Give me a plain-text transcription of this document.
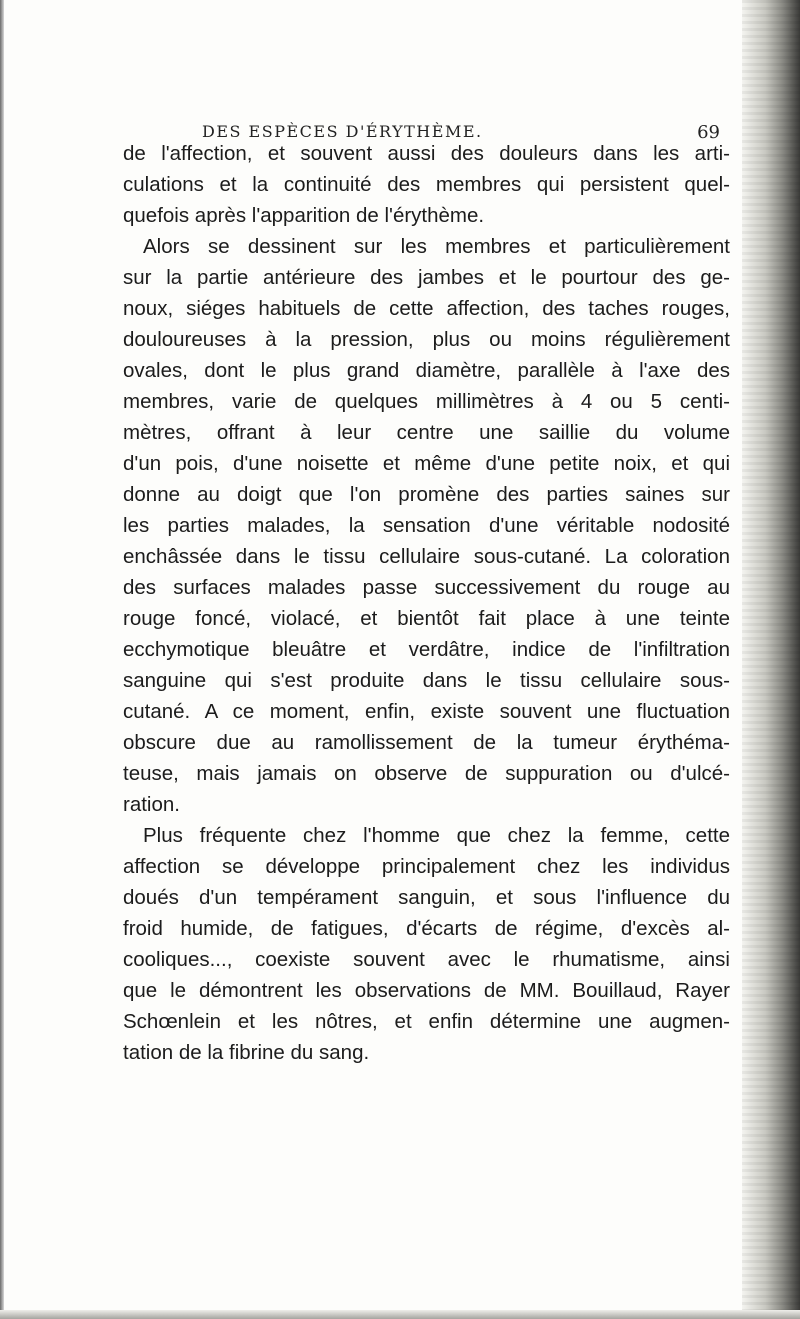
DES ESPÈCES D'ÉRYTHÈME.	69
de l'affection, et souvent aussi des douleurs dans les arti-
culations et la continuité des membres qui persistent quel-
quefois après l'apparition de l'érythème.
Alors se dessinent sur les membres et particulièrement
sur la partie antérieure des jambes et le pourtour des ge-
noux, siéges habituels de cette affection, des taches rouges,
douloureuses à la pression, plus ou moins régulièrement
ovales, dont le plus grand diamètre, parallèle à l'axe des
membres, varie de quelques millimètres à 4 ou 5 centi-
mètres, offrant à leur centre une saillie du volume
d'un pois, d'une noisette et même d'une petite noix, et qui
donne au doigt que l'on promène des parties saines sur
les parties malades, la sensation d'une véritable nodosité
enchâssée dans le tissu cellulaire sous-cutané. La coloration
des surfaces malades passe successivement du rouge au
rouge foncé, violacé, et bientôt fait place à une teinte
ecchymotique bleuâtre et verdâtre, indice de l'infiltration
sanguine qui s'est produite dans le tissu cellulaire sous-
cutané. A ce moment, enfin, existe souvent une fluctuation
obscure due au ramollissement de la tumeur érythéma-
teuse, mais jamais on observe de suppuration ou d'ulcé-
ration.
Plus fréquente chez l'homme que chez la femme, cette
affection se développe principalement chez les individus
doués d'un tempérament sanguin, et sous l'influence du
froid humide, de fatigues, d'écarts de régime, d'excès al-
cooliques..., coexiste souvent avec le rhumatisme, ainsi
que le démontrent les observations de MM. Bouillaud, Rayer
Schœnlein et les nôtres, et enfin détermine une augmen-
tation de la fibrine du sang.
